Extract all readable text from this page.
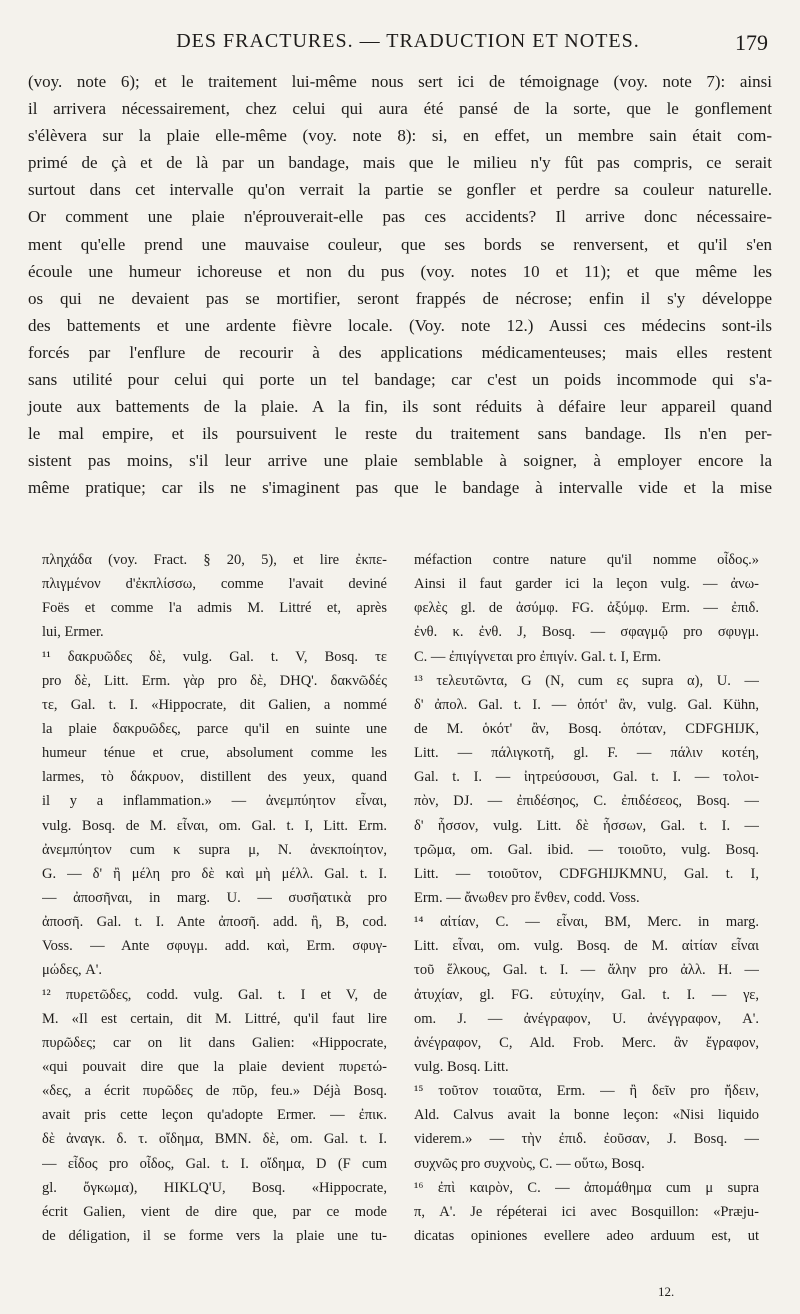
DES FRACTURES. — TRADUCTION ET NOTES.	179
(voy. note 6); et le traitement lui-même nous sert ici de témoignage (voy. note 7): ainsi
il arrivera nécessairement, chez celui qui aura été pansé de la sorte, que le gonflement
s'élèvera sur la plaie elle-même (voy. note 8): si, en effet, un membre sain était com-
primé de çà et de là par un bandage, mais que le milieu n'y fût pas compris, ce serait
surtout dans cet intervalle qu'on verrait la partie se gonfler et perdre sa couleur naturelle.
Or comment une plaie n'éprouverait-elle pas ces accidents? Il arrive donc nécessaire-
ment qu'elle prend une mauvaise couleur, que ses bords se renversent, et qu'il s'en
écoule une humeur ichoreuse et non du pus (voy. notes 10 et 11); et que même les
os qui ne devaient pas se mortifier, seront frappés de nécrose; enfin il s'y développe
des battements et une ardente fièvre locale. (Voy. note 12.) Aussi ces médecins sont-ils
forcés par l'enflure de recourir à des applications médicamenteuses; mais elles restent
sans utilité pour celui qui porte un tel bandage; car c'est un poids incommode qui s'a-
joute aux battements de la plaie. A la fin, ils sont réduits à défaire leur appareil quand
le mal empire, et ils poursuivent le reste du traitement sans bandage. Ils n'en per-
sistent pas moins, s'il leur arrive une plaie semblable à soigner, à employer encore la
même pratique; car ils ne s'imaginent pas que le bandage à intervalle vide et la mise
πληχάδα (voy. Fract. § 20, 5), et lire ἐκπε-
πλιγμένον d'ἐκπλίσσω, comme l'avait deviné
Foës et comme l'a admis M. Littré et, après
lui, Ermer.
¹¹ δακρυῶδες δὲ, vulg. Gal. t. V, Bosq. τε
pro δὲ, Litt. Erm. γὰρ pro δὲ, DHQ'. δακνῶδές
τε, Gal. t. I. «Hippocrate, dit Galien, a nommé
la plaie δακρυῶδες, parce qu'il en suinte une
humeur ténue et crue, absolument comme les
larmes, τὸ δάκρυον, distillent des yeux, quand
il y a inflammation.» — ἀνεμπύητον εἶναι,
vulg. Bosq. de M. εἶναι, om. Gal. t. I, Litt. Erm.
ἀνεμπύητον cum κ supra μ, N. ἀνεκποίητον,
G. — δ' ἢ μέλη pro δὲ καὶ μὴ μέλλ. Gal. t. I.
— ἀποσῆναι, in marg. U. — συσῆατικὰ pro
ἀποσῆ. Gal. t. I. Ante ἀποσῆ. add. ἢ, B, cod.
Voss. — Ante σφυγμ. add. καὶ, Erm. σφυγ-
μώδες, A'.
¹² πυρετῶδες, codd. vulg. Gal. t. I et V, de
M. «Il est certain, dit M. Littré, qu'il faut lire
πυρῶδες; car on lit dans Galien: «Hippocrate,
«qui pouvait dire que la plaie devient πυρετώ-
«δες, a écrit πυρῶδες de πῦρ, feu.» Déjà Bosq.
avait pris cette leçon qu'adopte Ermer. — ἐπικ.
δὲ ἀναγκ. δ. τ. οἴδημα, BMN. δὲ, om. Gal. t. I.
— εἶδος pro οἶδος, Gal. t. I. οἴδημα, D (F cum
gl. ὄγκωμα), HIKLQ'U, Bosq. «Hippocrate,
écrit Galien, vient de dire que, par ce mode
de déligation, il se forme vers la plaie une tu-
méfaction contre nature qu'il nomme οἶδος.»
Ainsi il faut garder ici la leçon vulg. — ἀνω-
φελὲς gl. de ἀσύμφ. FG. ἀξύμφ. Erm. — ἐπιδ.
ἐνθ. κ. ἐνθ. J, Bosq. — σφαγμῷ pro σφυγμ.
C. — ἐπιγίγνεται pro ἐπιγίν. Gal. t. I, Erm.
¹³ τελευτῶντα, G (N, cum ες supra α), U. —
δ' ἀπολ. Gal. t. I. — ὁπότ' ἂν, vulg. Gal. Kühn,
de M. ὁκότ' ἂν, Bosq. ὁπόταν, CDFGHIJK,
Litt. — πάλιγκοτῆ, gl. F. — πάλιν κοτέη,
Gal. t. I. — ἰητρεύσουσι, Gal. t. I. — τολοι-
πὸν, DJ. — ἐπιδέσηος, C. ἐπιδέσεος, Bosq. —
δ' ἧσσον, vulg. Litt. δὲ ἧσσων, Gal. t. I. —
τρῶμα, om. Gal. ibid. — τοιοῦτο, vulg. Bosq.
Litt. — τοιοῦτον, CDFGHIJKMNU, Gal. t. I,
Erm. — ἄνωθεν pro ἔνθεν, codd. Voss.
¹⁴ αἰτίαν, C. — εἶναι, BM, Merc. in marg.
Litt. εἶναι, om. vulg. Bosq. de M. αἰτίαν εἶναι
τοῦ ἕλκους, Gal. t. I. — ἄλην pro ἀλλ. H. —
ἀτυχίαν, gl. FG. εὐτυχίην, Gal. t. I. — γε,
om. J. — ἀνέγραφον, U. ἀνέγγραφον, A'.
ἀνέγραφον, C, Ald. Frob. Merc. ἂν ἔγραφον,
vulg. Bosq. Litt.
¹⁵ τοῦτον τοιαῦτα, Erm. — ἢ δεῖν pro ἤδειν,
Ald. Calvus avait la bonne leçon: «Nisi liquido
viderem.» — τὴν ἐπιδ. ἐοῦσαν, J. Bosq. —
συχνῶς pro συχνοὺς, C. — οὕτω, Bosq.
¹⁶ ἐπὶ καιρὸν, C. — ἀπομάθημα cum μ supra
π, A'. Je répéterai ici avec Bosquillon: «Præju-
dicatas opiniones evellere adeo arduum est, ut
12.
